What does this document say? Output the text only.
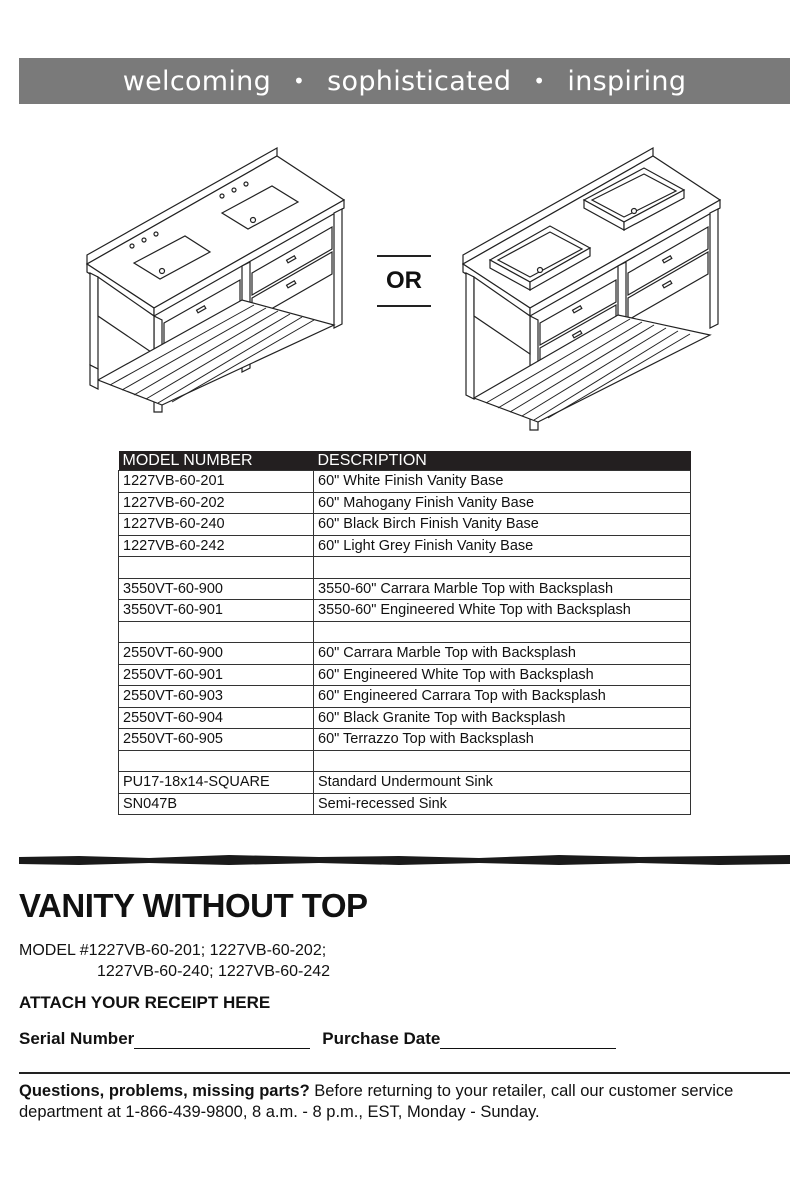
welcoming • sophisticated • inspiring
OR
MODEL NUMBER	DESCRIPTION
1227VB-60-201	60" White Finish Vanity Base
1227VB-60-202	60" Mahogany Finish Vanity Base
1227VB-60-240	60" Black Birch Finish Vanity Base
1227VB-60-242	60" Light Grey Finish Vanity Base

3550VT-60-900	3550-60" Carrara Marble Top with Backsplash
3550VT-60-901	3550-60" Engineered White Top with Backsplash

2550VT-60-900	60" Carrara Marble Top with Backsplash
2550VT-60-901	60" Engineered White Top with Backsplash
2550VT-60-903	60" Engineered Carrara Top with Backsplash
2550VT-60-904	60" Black Granite Top with Backsplash
2550VT-60-905	60" Terrazzo Top with Backsplash

PU17-18x14-SQUARE	Standard Undermount Sink
SN047B	Semi-recessed Sink
VANITY WITHOUT TOP
MODEL #1227VB-60-201; 1227VB-60-202;
1227VB-60-240; 1227VB-60-242
ATTACH YOUR RECEIPT HERE
Serial Number	Purchase Date
Questions, problems, missing parts? Before returning to your retailer, call our customer service department at 1-866-439-9800, 8 a.m. - 8 p.m., EST, Monday - Sunday.
